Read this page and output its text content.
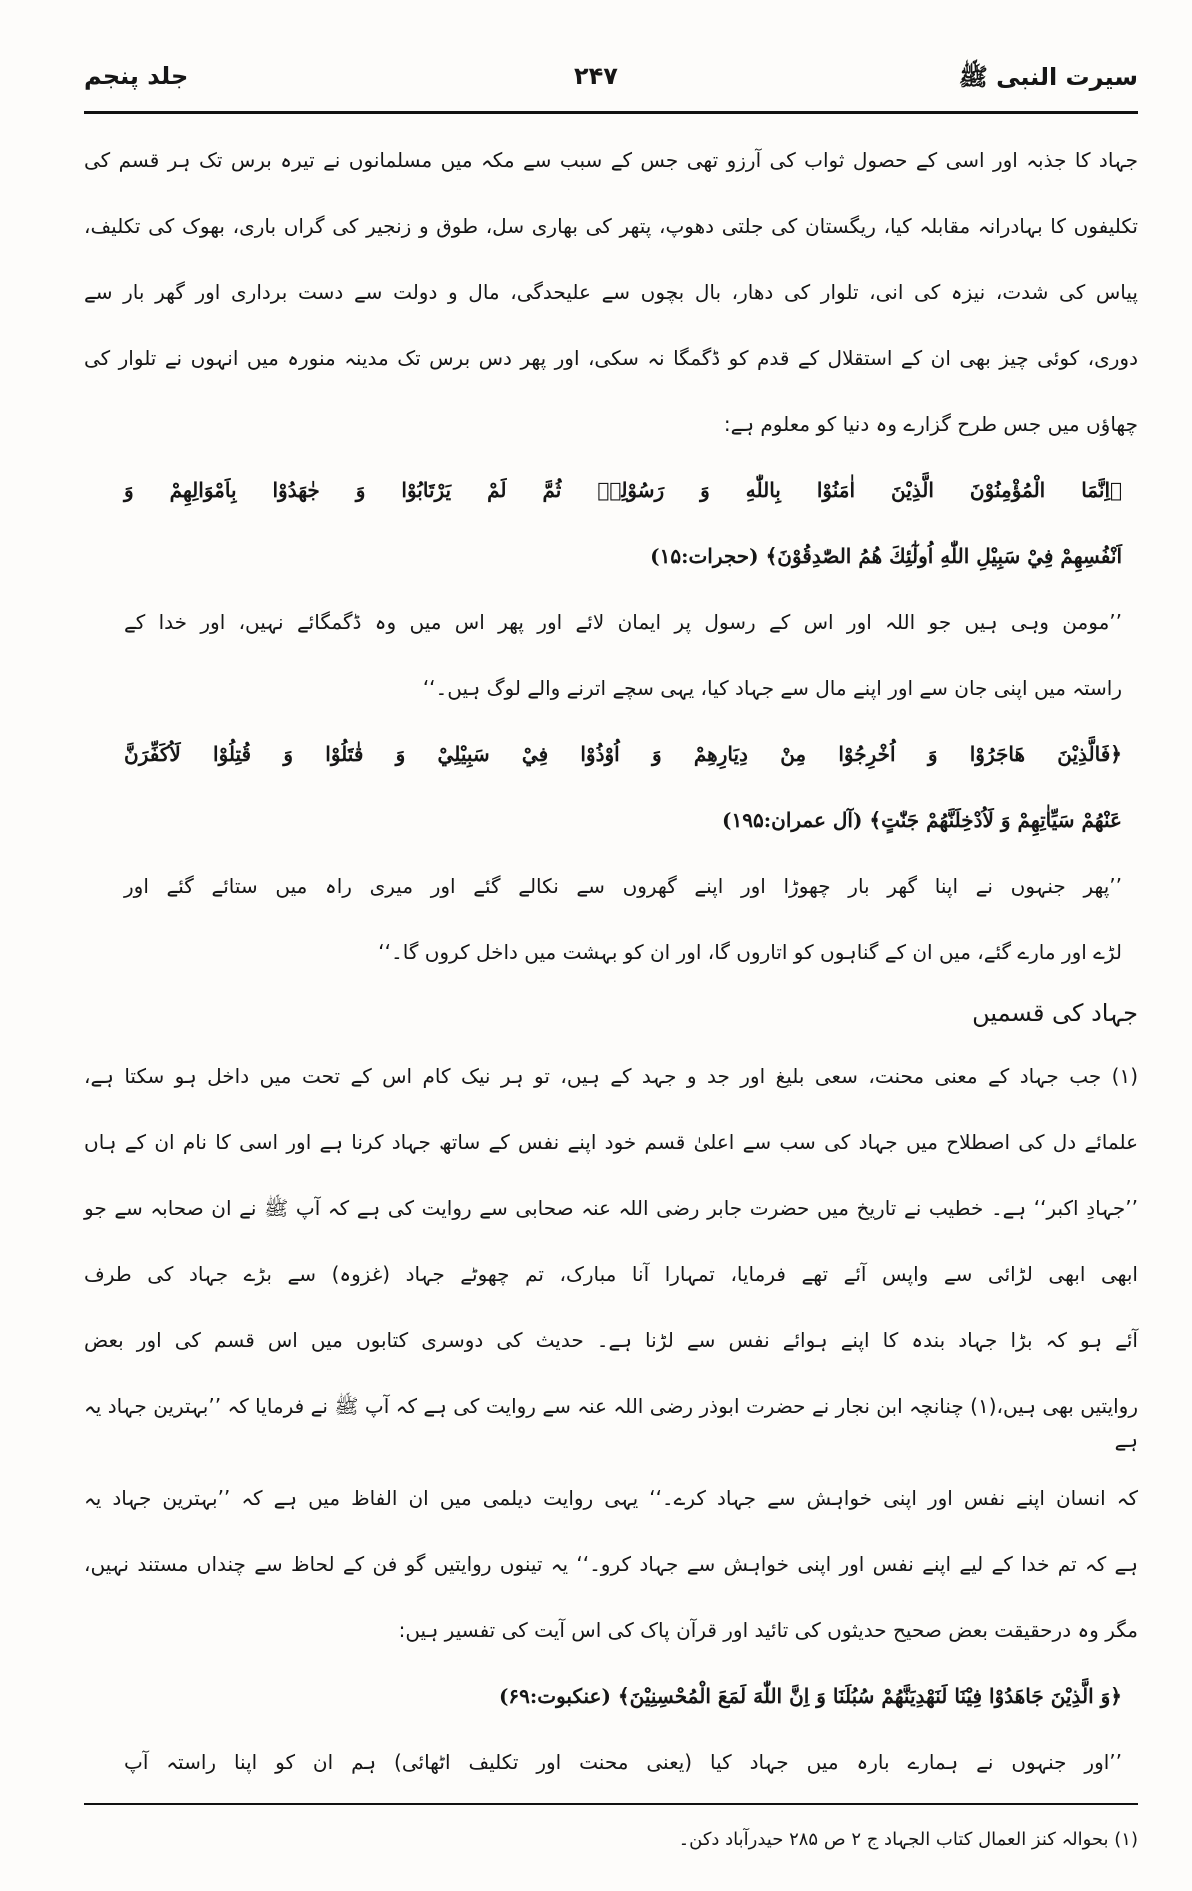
سیرت النبی ﷺ
۲۴۷
جلد پنجم
جہاد کا جذبہ اور اسی کے حصول ثواب کی آرزو تھی جس کے سبب سے مکہ میں مسلمانوں نے تیرہ برس تک ہر قسم کی
تکلیفوں کا بہادرانہ مقابلہ کیا، ریگستان کی جلتی دھوپ، پتھر کی بھاری سل، طوق و زنجیر کی گراں باری، بھوک کی تکلیف،
پیاس کی شدت، نیزہ کی انی، تلوار کی دھار، بال بچوں سے علیحدگی، مال و دولت سے دست برداری اور گھر بار سے
دوری، کوئی چیز بھی ان کے استقلال کے قدم کو ڈگمگا نہ سکی، اور پھر دس برس تک مدینہ منورہ میں انہوں نے تلوار کی
چھاؤں میں جس طرح گزارے وہ دنیا کو معلوم ہے:
﴿اِنَّمَا الْمُؤْمِنُوْنَ الَّذِيْنَ اٰمَنُوْا بِاللّٰهِ وَ رَسُوْلِهٖ ثُمَّ لَمْ يَرْتَابُوْا وَ جٰهَدُوْا بِاَمْوَالِهِمْ وَ
اَنْفُسِهِمْ فِيْ سَبِيْلِ اللّٰهِ اُولٰٓئِكَ هُمُ الصّٰدِقُوْنَ﴾ (حجرات:۱۵)
’’مومن وہی ہیں جو اللہ اور اس کے رسول پر ایمان لائے اور پھر اس میں وہ ڈگمگائے نہیں، اور خدا کے
راستہ میں اپنی جان سے اور اپنے مال سے جہاد کیا، یہی سچے اترنے والے لوگ ہیں۔‘‘
﴿فَالَّذِيْنَ هَاجَرُوْا وَ اُخْرِجُوْا مِنْ دِيَارِهِمْ وَ اُوْذُوْا فِيْ سَبِيْلِيْ وَ قٰتَلُوْا وَ قُتِلُوْا لَاُكَفِّرَنَّ
عَنْهُمْ سَيِّاٰتِهِمْ وَ لَاُدْخِلَنَّهُمْ جَنّٰتٍ﴾ (آل عمران:۱۹۵)
’’پھر جنہوں نے اپنا گھر بار چھوڑا اور اپنے گھروں سے نکالے گئے اور میری راہ میں ستائے گئے اور
لڑے اور مارے گئے، میں ان کے گناہوں کو اتاروں گا، اور ان کو بہشت میں داخل کروں گا۔‘‘
جہاد کی قسمیں
(۱) جب جہاد کے معنی محنت، سعی بلیغ اور جد و جہد کے ہیں، تو ہر نیک کام اس کے تحت میں داخل ہو سکتا ہے،
علمائے دل کی اصطلاح میں جہاد کی سب سے اعلیٰ قسم خود اپنے نفس کے ساتھ جہاد کرنا ہے اور اسی کا نام ان کے ہاں
’’جہادِ اکبر‘‘ ہے۔ خطیب نے تاریخ میں حضرت جابر رضی اللہ عنہ صحابی سے روایت کی ہے کہ آپ ﷺ نے ان صحابہ سے جو
ابھی ابھی لڑائی سے واپس آئے تھے فرمایا، تمہارا آنا مبارک، تم چھوٹے جہاد (غزوہ) سے بڑے جہاد کی طرف
آئے ہو کہ بڑا جہاد بندہ کا اپنے ہوائے نفس سے لڑنا ہے۔ حدیث کی دوسری کتابوں میں اس قسم کی اور بعض
روایتیں بھی ہیں،(۱) چنانچہ ابن نجار نے حضرت ابوذر رضی اللہ عنہ سے روایت کی ہے کہ آپ ﷺ نے فرمایا کہ ’’بہترین جہاد یہ ہے
کہ انسان اپنے نفس اور اپنی خواہش سے جہاد کرے۔‘‘ یہی روایت دیلمی میں ان الفاظ میں ہے کہ ’’بہترین جہاد یہ
ہے کہ تم خدا کے لیے اپنے نفس اور اپنی خواہش سے جہاد کرو۔‘‘ یہ تینوں روایتیں گو فن کے لحاظ سے چنداں مستند نہیں،
مگر وہ درحقیقت بعض صحیح حدیثوں کی تائید اور قرآن پاک کی اس آیت کی تفسیر ہیں:
﴿وَ الَّذِيْنَ جَاهَدُوْا فِيْنَا لَنَهْدِيَنَّهُمْ سُبُلَنَا وَ اِنَّ اللّٰهَ لَمَعَ الْمُحْسِنِيْنَ﴾ (عنکبوت:۶۹)
’’اور جنہوں نے ہمارے بارہ میں جہاد کیا (یعنی محنت اور تکلیف اٹھائی) ہم ان کو اپنا راستہ آپ
(۱) بحوالہ کنز العمال کتاب الجہاد ج ۲ ص ۲۸۵ حیدرآباد دکن۔
